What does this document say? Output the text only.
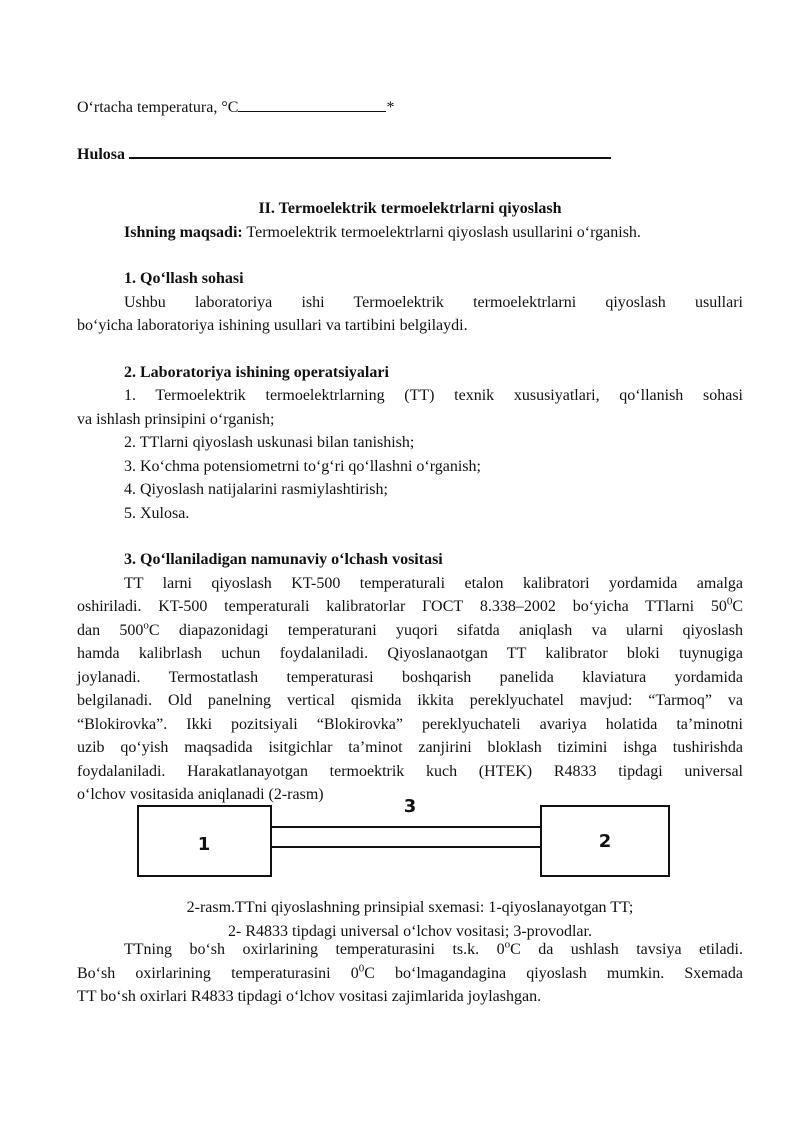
O‘rtacha temperatura, °C	*
Hulosa
II. Termoelektrik termoelektrlarni qiyoslash
Ishning maqsadi: Termoelektrik termoelektrlarni qiyoslash usullarini o‘rganish.
1. Qo‘llash sohasi
Ushbu laboratoriya ishi Termoelektrik termoelektrlarni qiyoslash usullari
bo‘yicha laboratoriya ishining usullari va tartibini belgilaydi.
2. Laboratoriya ishining operatsiyalari
1. Termoelektrik termoelektrlarning (TT) texnik xususiyatlari, qo‘llanish sohasi
va ishlash prinsipini o‘rganish;
2. TTlarni qiyoslash uskunasi bilan tanishish;
3. Ko‘chma potensiometrni to‘g‘ri qo‘llashni o‘rganish;
4. Qiyoslash natijalarini rasmiylashtirish;
5. Xulosa.
3. Qo‘llaniladigan namunaviy o‘lchash vositasi
TT larni qiyoslash KT-500 temperaturali etalon kalibratori yordamida amalga
oshiriladi. KT-500 temperaturali kalibratorlar ГОСТ 8.338–2002 bo‘yicha TTlarni $50^0C$
dan 500$^o$C diapazonidagi temperaturani yuqori sifatda aniqlash va ularni qiyoslash
hamda kalibrlash uchun foydalaniladi. Qiyoslanaotgan TT kalibrator bloki tuynugiga
joylanadi. Termostatlash temperaturasi boshqarish panelida klaviatura yordamida
belgilanadi. Old panelning vertical qismida ikkita pereklyuchatel mavjud: “Tarmoq” va
“Blokirovka”. Ikki pozitsiyali “Blokirovka” pereklyuchateli avariya holatida ta’minotni
uzib qo‘yish maqsadida isitgichlar ta’minot zanjirini bloklash tizimini ishga tushirishda
foydalaniladi. Harakatlanayotgan termoektrik kuch (HTEK) R4833 tipdagi universal
o‘lchov vositasida aniqlanadi (2-rasm)
1
3
2
2-rasm.TTni qiyoslashning prinsipial sxemasi: 1-qiyoslanayotgan TT;
2- R4833 tipdagi universal o‘lchov vositasi; 3-provodlar.
TTning bo‘sh oxirlarining temperaturasini ts.k. 0$^o$C da ushlash tavsiya etiladi.
Bo‘sh oxirlarining temperaturasini $0^0C$ bo‘lmagandagina qiyoslash mumkin. Sxemada
TT bo‘sh oxirlari R4833 tipdagi o‘lchov vositasi zajimlarida joylashgan.
